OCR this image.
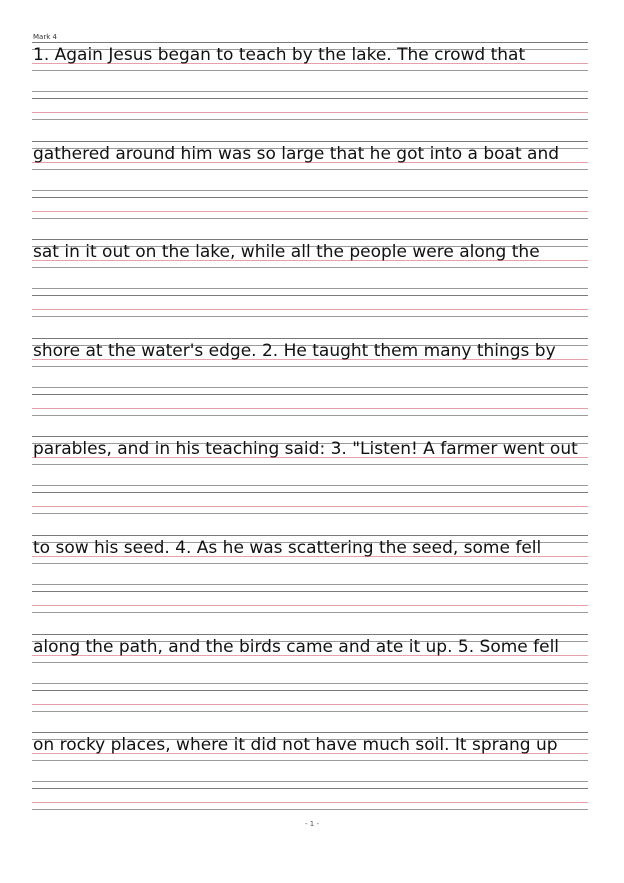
Mark 4
1. Again Jesus began to teach by the lake. The crowd that
gathered around him was so large that he got into a boat and
sat in it out on the lake, while all the people were along the
shore at the water's edge. 2. He taught them many things by
parables, and in his teaching said: 3. "Listen! A farmer went out
to sow his seed. 4. As he was scattering the seed, some fell
along the path, and the birds came and ate it up. 5. Some fell
on rocky places, where it did not have much soil. It sprang up
- 1 -
